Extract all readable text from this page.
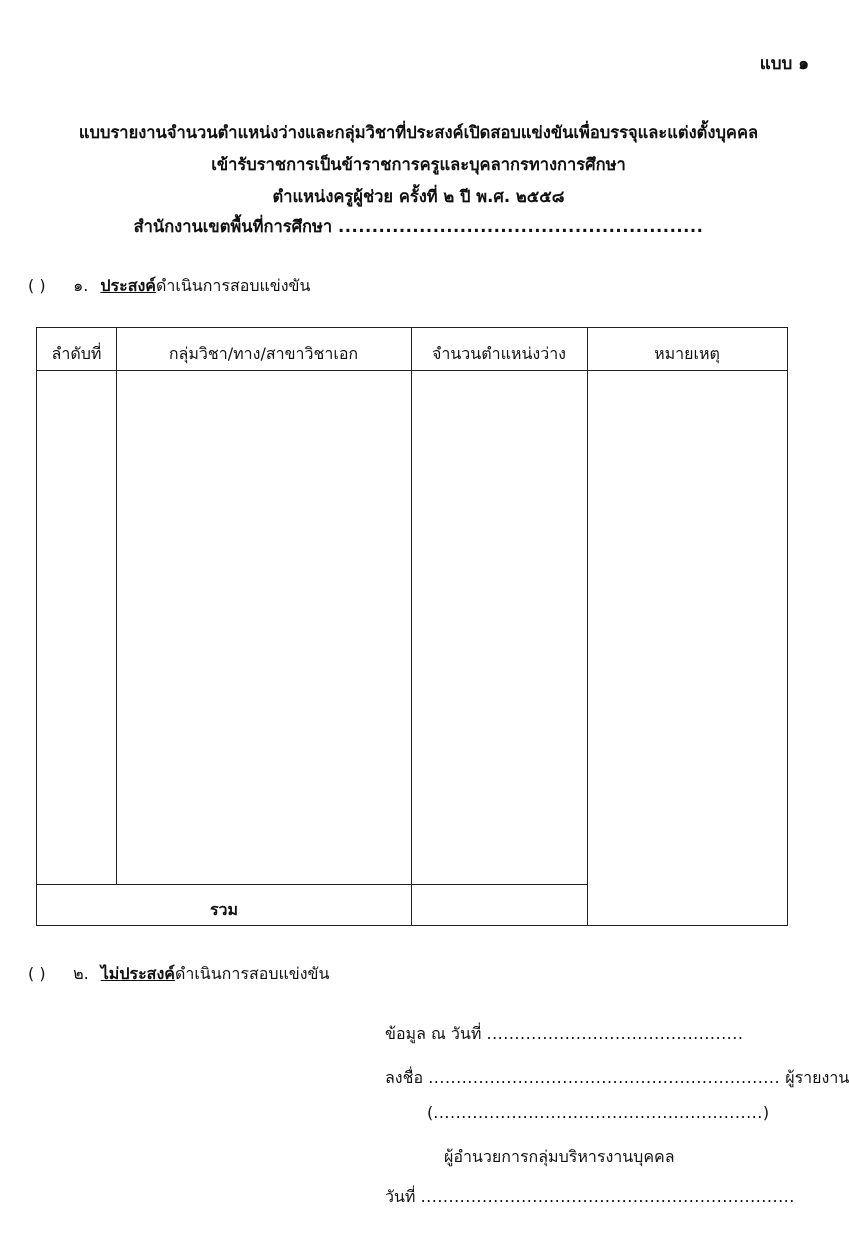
แบบ ๑
แบบรายงานจำนวนตำแหน่งว่างและกลุ่มวิชาที่ประสงค์เปิดสอบแข่งขันเพื่อบรรจุและแต่งตั้งบุคคล
เข้ารับราชการเป็นข้าราชการครูและบุคลากรทางการศึกษา
ตำแหน่งครูผู้ช่วย ครั้งที่ ๒ ปี พ.ศ. ๒๕๕๘
สำนักงานเขตพื้นที่การศึกษา ......................................................
( ) ๑. ประสงค์ดำเนินการสอบแข่งขัน
ลำดับที่	กลุ่มวิชา/ทาง/สาขาวิชาเอก	จำนวนตำแหน่งว่าง	หมายเหตุ
รวม
( ) ๒. ไม่ประสงค์ดำเนินการสอบแข่งขัน
ข้อมูล ณ วันที่ ..............................................
ลงชื่อ ............................................................... ผู้รายงาน
(...........................................................)
ผู้อำนวยการกลุ่มบริหารงานบุคคล
วันที่ ...................................................................
